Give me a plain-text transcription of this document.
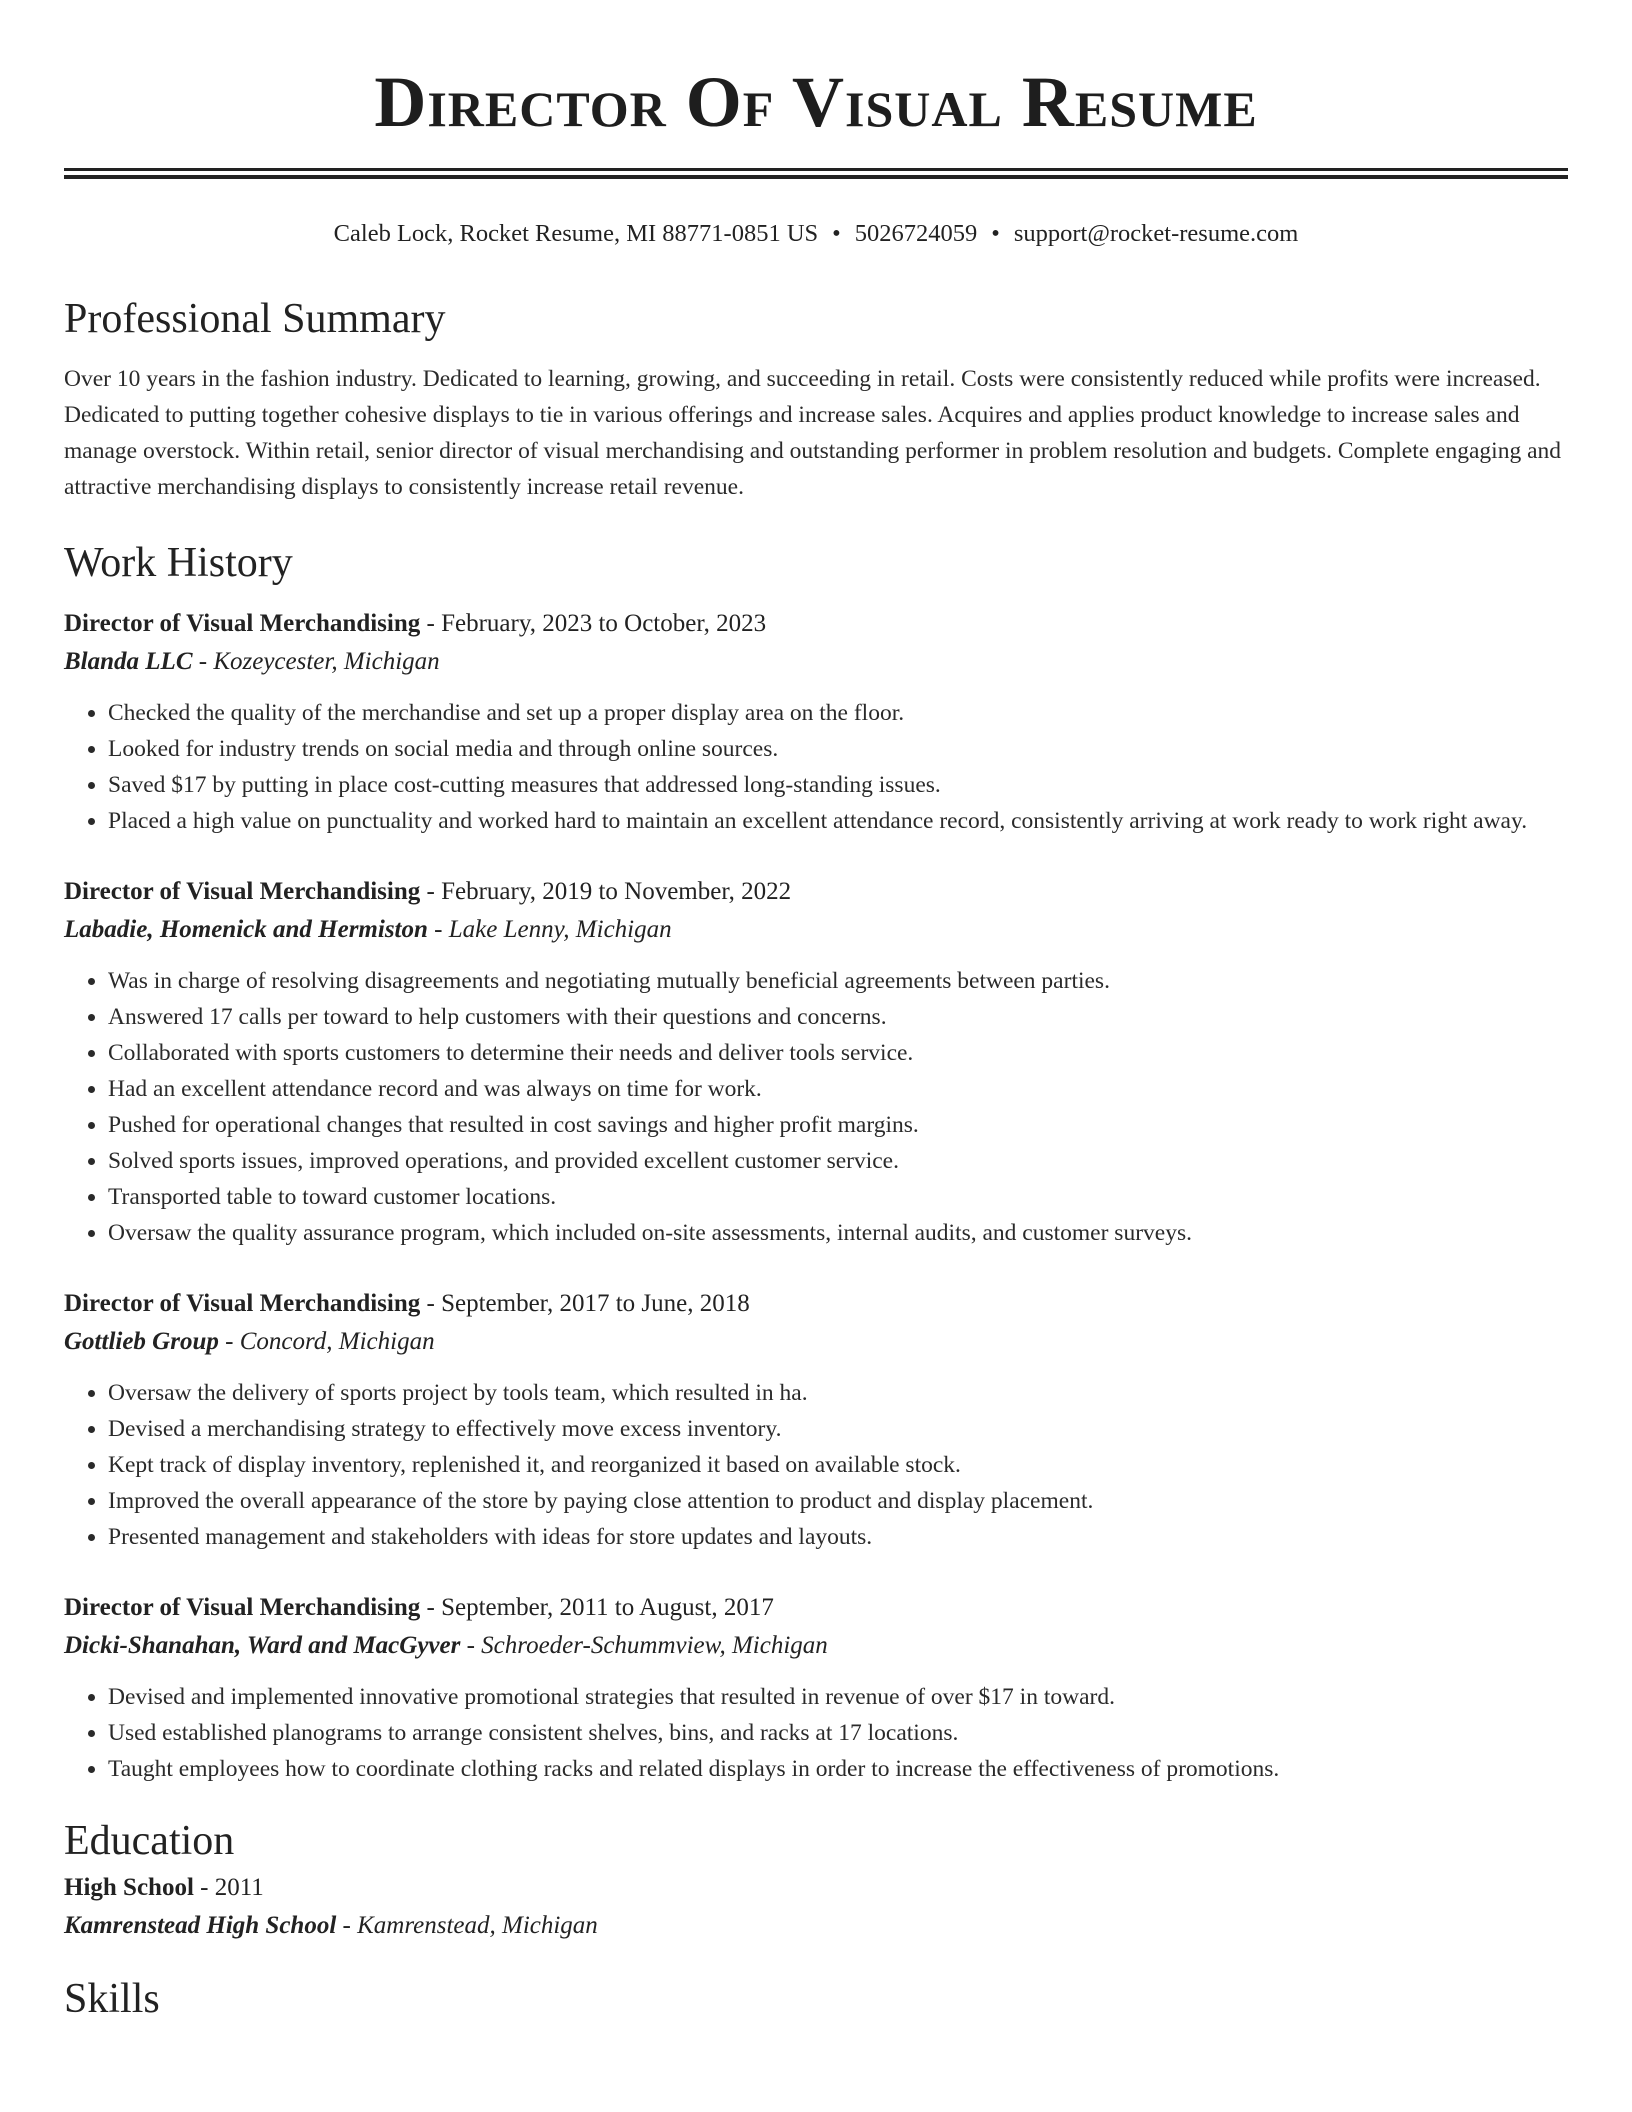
Director Of Visual Resume
Caleb Lock, Rocket Resume, MI 88771-0851 US • 5026724059 • support@rocket-resume.com
Professional Summary

Over 10 years in the fashion industry. Dedicated to learning, growing, and succeeding in retail. Costs were consistently reduced while profits were increased. Dedicated to putting together cohesive displays to tie in various offerings and increase sales. Acquires and applies product knowledge to increase sales and manage overstock. Within retail, senior director of visual merchandising and outstanding performer in problem resolution and budgets. Complete engaging and attractive merchandising displays to consistently increase retail revenue.

Work History
Director of Visual Merchandising - February, 2023 to October, 2023
Blanda LLC - Kozeycester, Michigan
• Checked the quality of the merchandise and set up a proper display area on the floor.
• Looked for industry trends on social media and through online sources.
• Saved $17 by putting in place cost-cutting measures that addressed long-standing issues.
• Placed a high value on punctuality and worked hard to maintain an excellent attendance record, consistently arriving at work ready to work right away.
Director of Visual Merchandising - February, 2019 to November, 2022
Labadie, Homenick and Hermiston - Lake Lenny, Michigan
• Was in charge of resolving disagreements and negotiating mutually beneficial agreements between parties.
• Answered 17 calls per toward to help customers with their questions and concerns.
• Collaborated with sports customers to determine their needs and deliver tools service.
• Had an excellent attendance record and was always on time for work.
• Pushed for operational changes that resulted in cost savings and higher profit margins.
• Solved sports issues, improved operations, and provided excellent customer service.
• Transported table to toward customer locations.
• Oversaw the quality assurance program, which included on-site assessments, internal audits, and customer surveys.
Director of Visual Merchandising - September, 2017 to June, 2018
Gottlieb Group - Concord, Michigan
• Oversaw the delivery of sports project by tools team, which resulted in ha.
• Devised a merchandising strategy to effectively move excess inventory.
• Kept track of display inventory, replenished it, and reorganized it based on available stock.
• Improved the overall appearance of the store by paying close attention to product and display placement.
• Presented management and stakeholders with ideas for store updates and layouts.
Director of Visual Merchandising - September, 2011 to August, 2017
Dicki-Shanahan, Ward and MacGyver - Schroeder-Schummview, Michigan
• Devised and implemented innovative promotional strategies that resulted in revenue of over $17 in toward.
• Used established planograms to arrange consistent shelves, bins, and racks at 17 locations.
• Taught employees how to coordinate clothing racks and related displays in order to increase the effectiveness of promotions.
Education
High School - 2011
Kamrenstead High School - Kamrenstead, Michigan
Skills
